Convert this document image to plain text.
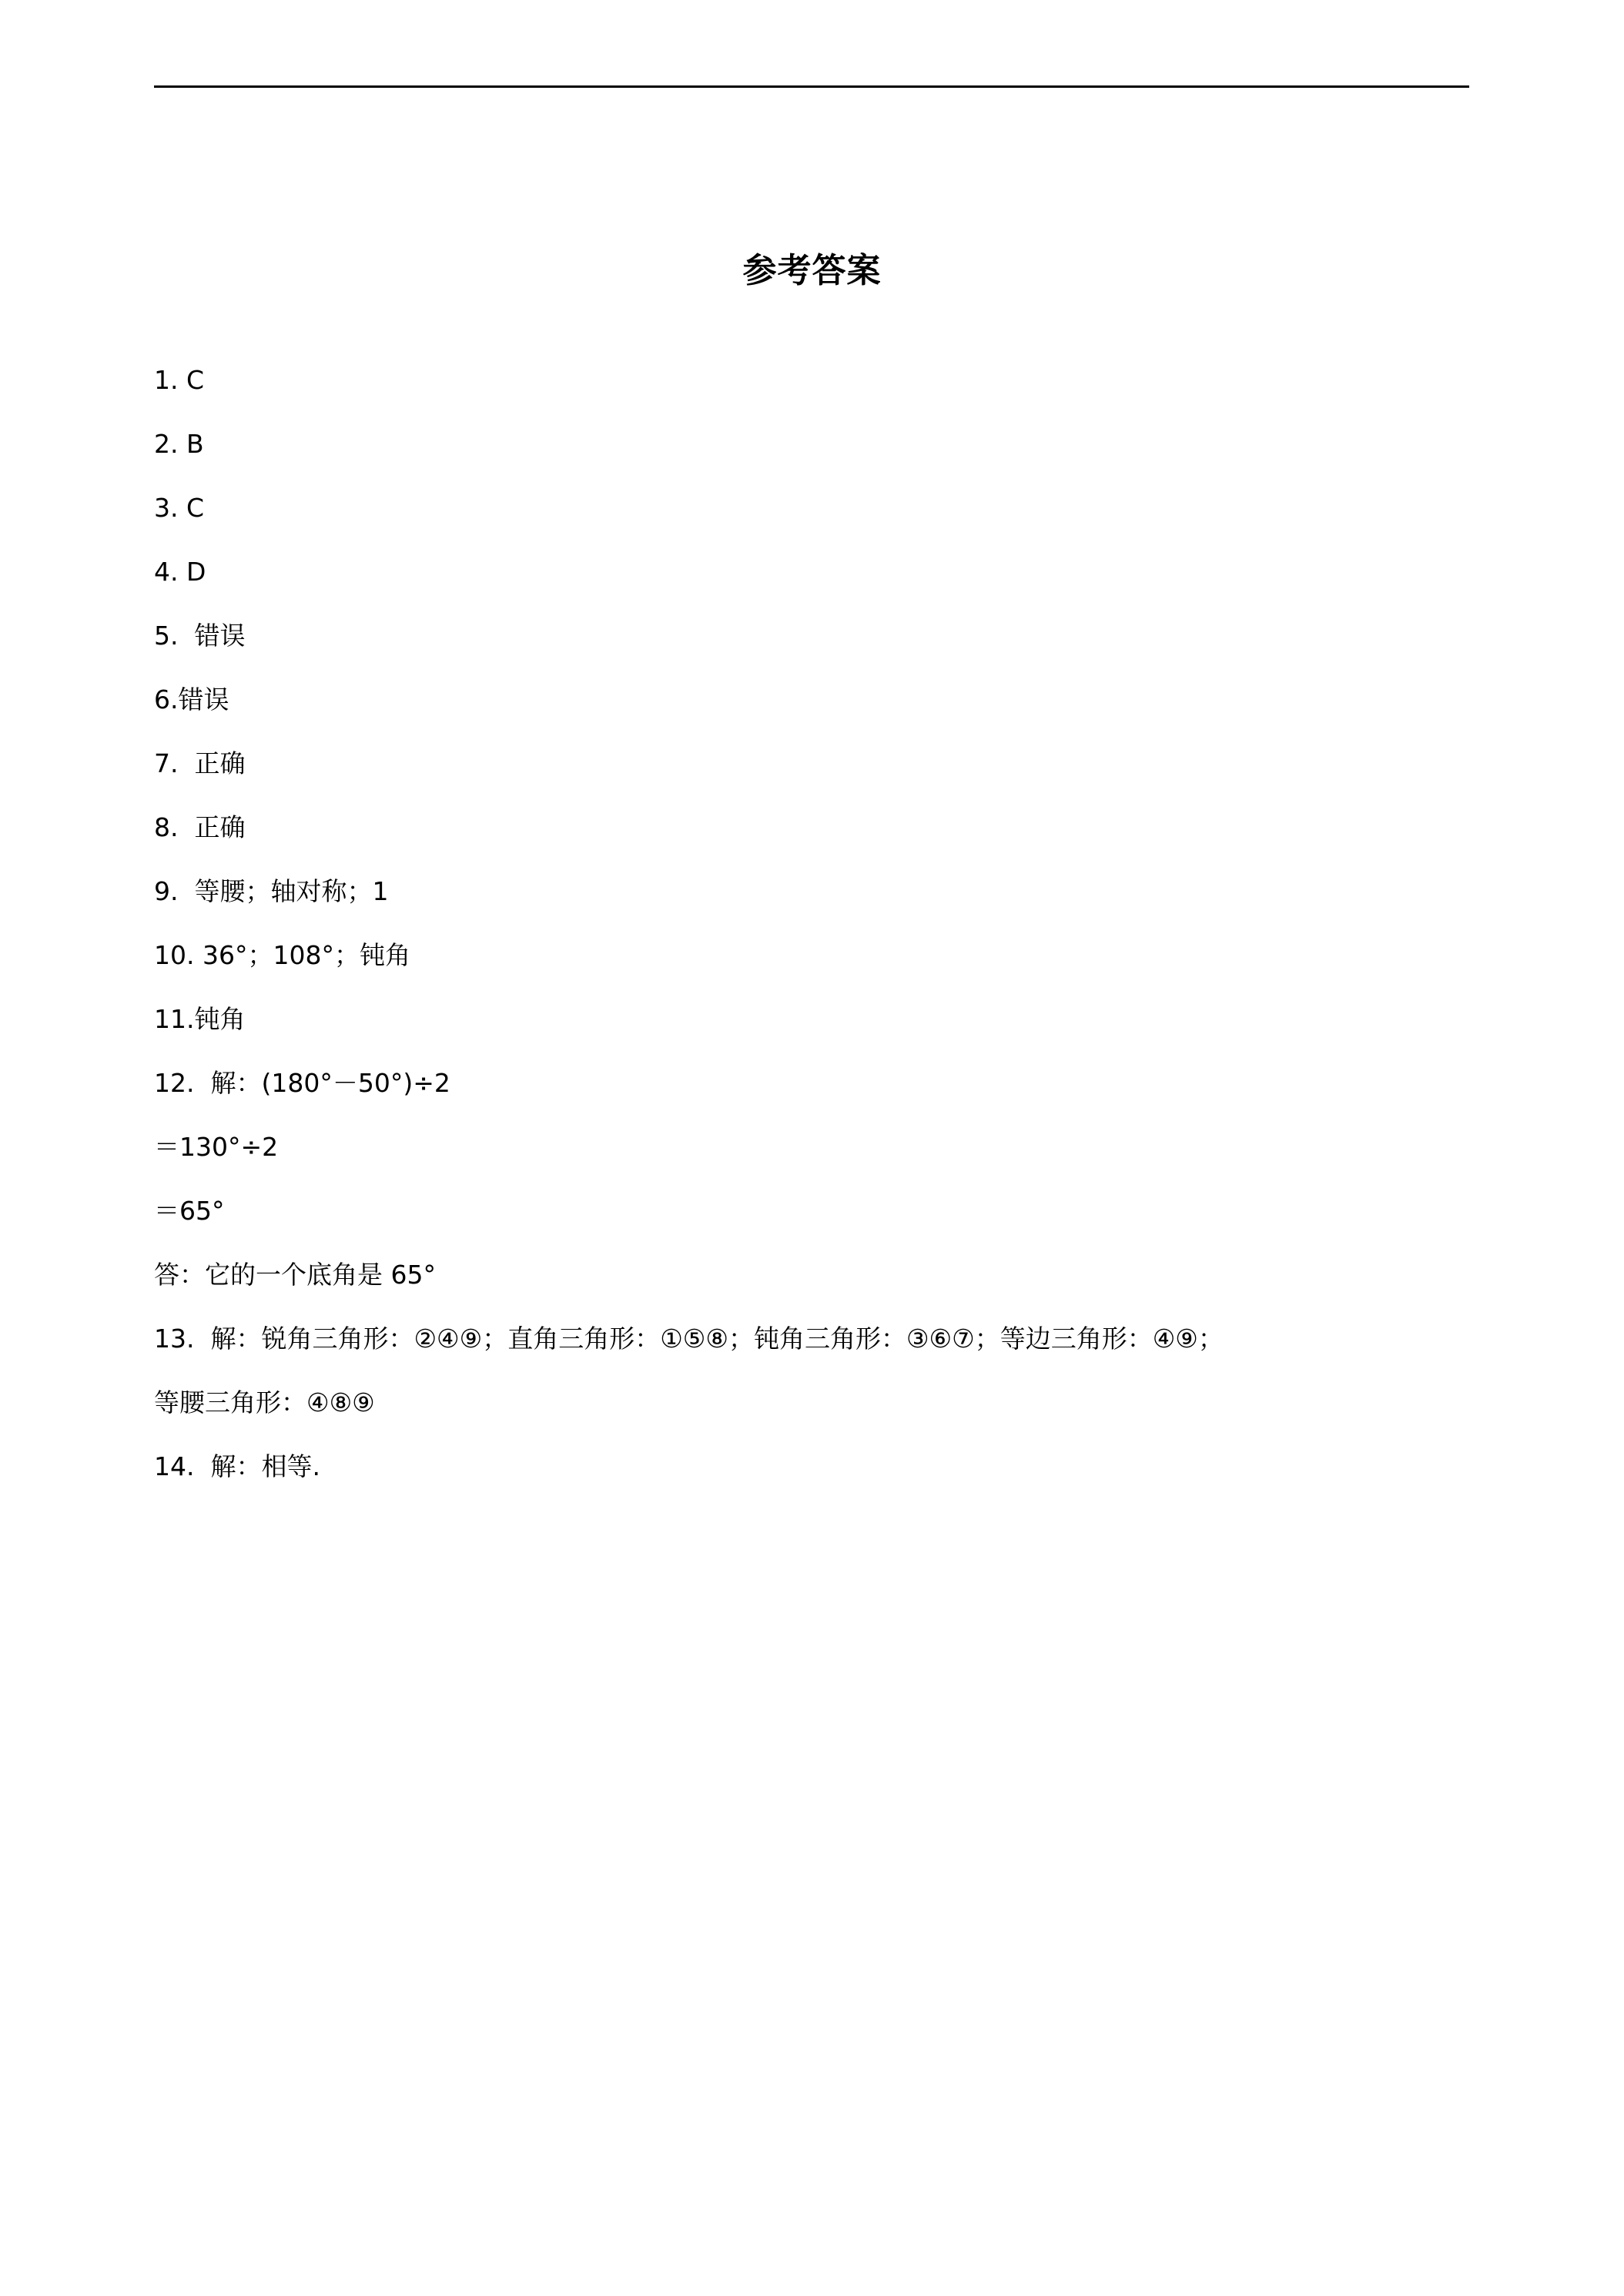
参考答案
1. C
2. B
3. C
4. D
5.  错误
6.错误
7.  正确
8.  正确
9.  等腰；轴对称；1
10. 36°；108°；钝角
11.钝角
12.  解：(180°－50°)÷2
＝130°÷2
＝65°
答：它的一个底角是 65°
13.  解：锐角三角形：②④⑨；直角三角形：①⑤⑧；钝角三角形：③⑥⑦；等边三角形：④⑨；
等腰三角形：④⑧⑨
14.  解：相等.
